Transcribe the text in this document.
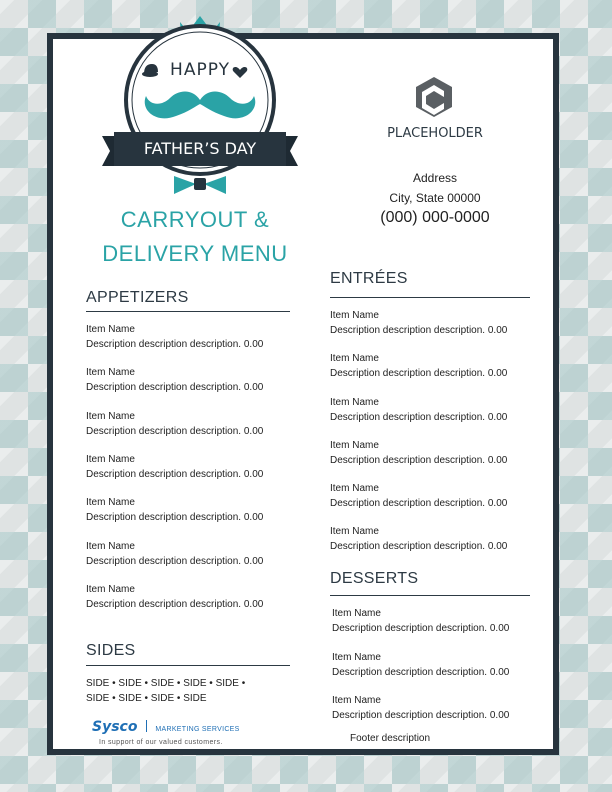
HAPPY
FATHER’S DAY
PLACEHOLDER
Address
City, State 00000
(000) 000-0000
CARRYOUT &
DELIVERY MENU
APPETIZERS
Item Name
Description description description. 0.00
Item Name
Description description description. 0.00
Item Name
Description description description. 0.00
Item Name
Description description description. 0.00
Item Name
Description description description. 0.00
Item Name
Description description description. 0.00
Item Name
Description description description. 0.00
SIDES
SIDE • SIDE • SIDE • SIDE • SIDE •
SIDE • SIDE • SIDE • SIDE
Sysco	MARKETING SERVICES
In support of our valued customers.
ENTRÉES
Item Name
Description description description. 0.00
Item Name
Description description description. 0.00
Item Name
Description description description. 0.00
Item Name
Description description description. 0.00
Item Name
Description description description. 0.00
Item Name
Description description description. 0.00
DESSERTS
Item Name
Description description description. 0.00
Item Name
Description description description. 0.00
Item Name
Description description description. 0.00
Footer description
